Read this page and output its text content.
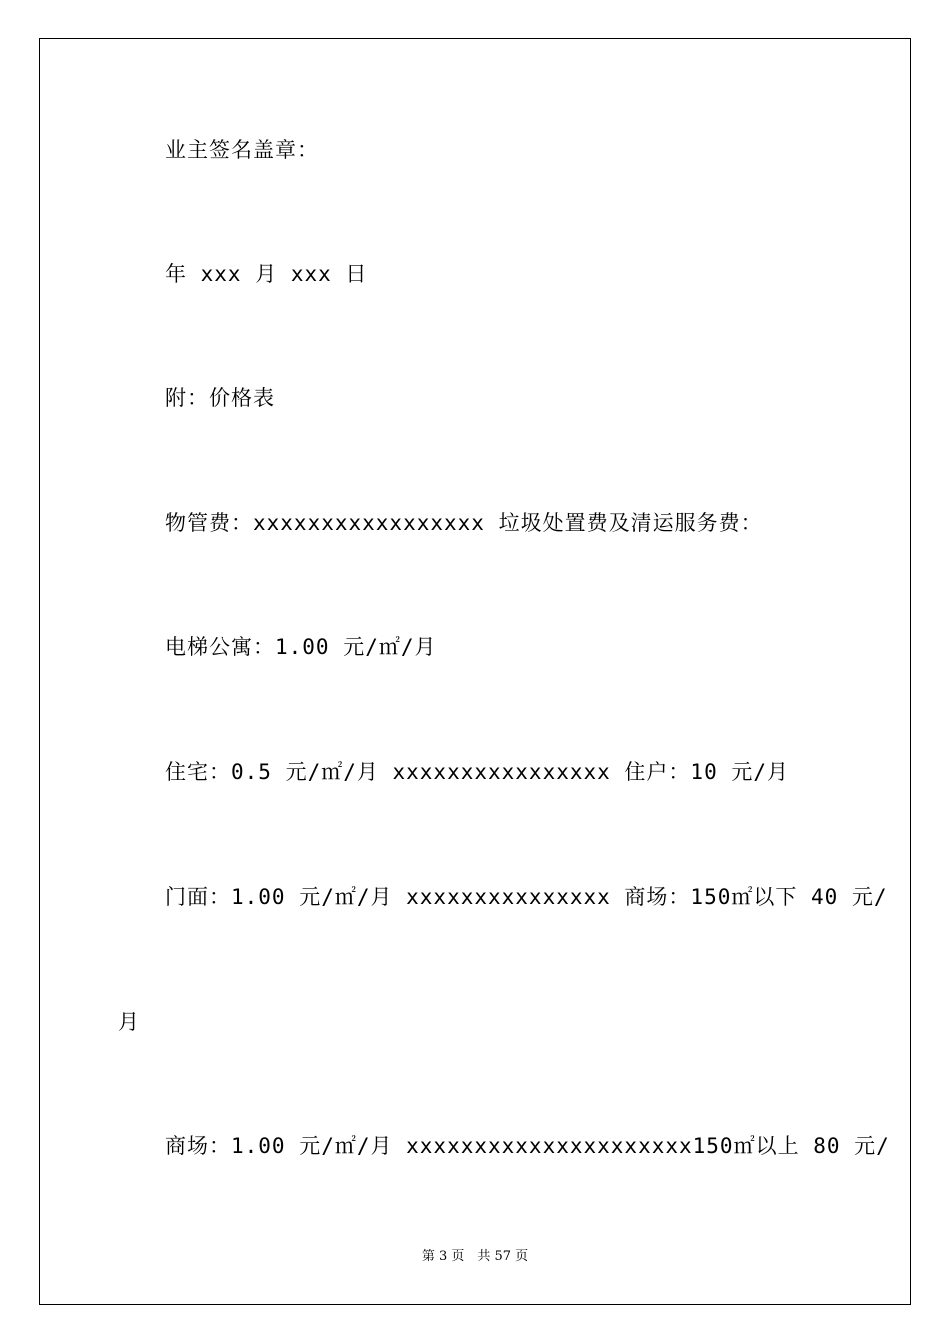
业主签名盖章：
年 xxx 月 xxx 日
附：价格表
物管费：xxxxxxxxxxxxxxxxx 垃圾处置费及清运服务费：
电梯公寓：1.00 元/㎡/月
住宅：0.5 元/㎡/月 xxxxxxxxxxxxxxxx 住户：10 元/月
门面：1.00 元/㎡/月 xxxxxxxxxxxxxxx 商场：150㎡以下 40 元/
月
商场：1.00 元/㎡/月 xxxxxxxxxxxxxxxxxxxxx150㎡以上 80 元/
第 3 页　共 57 页
